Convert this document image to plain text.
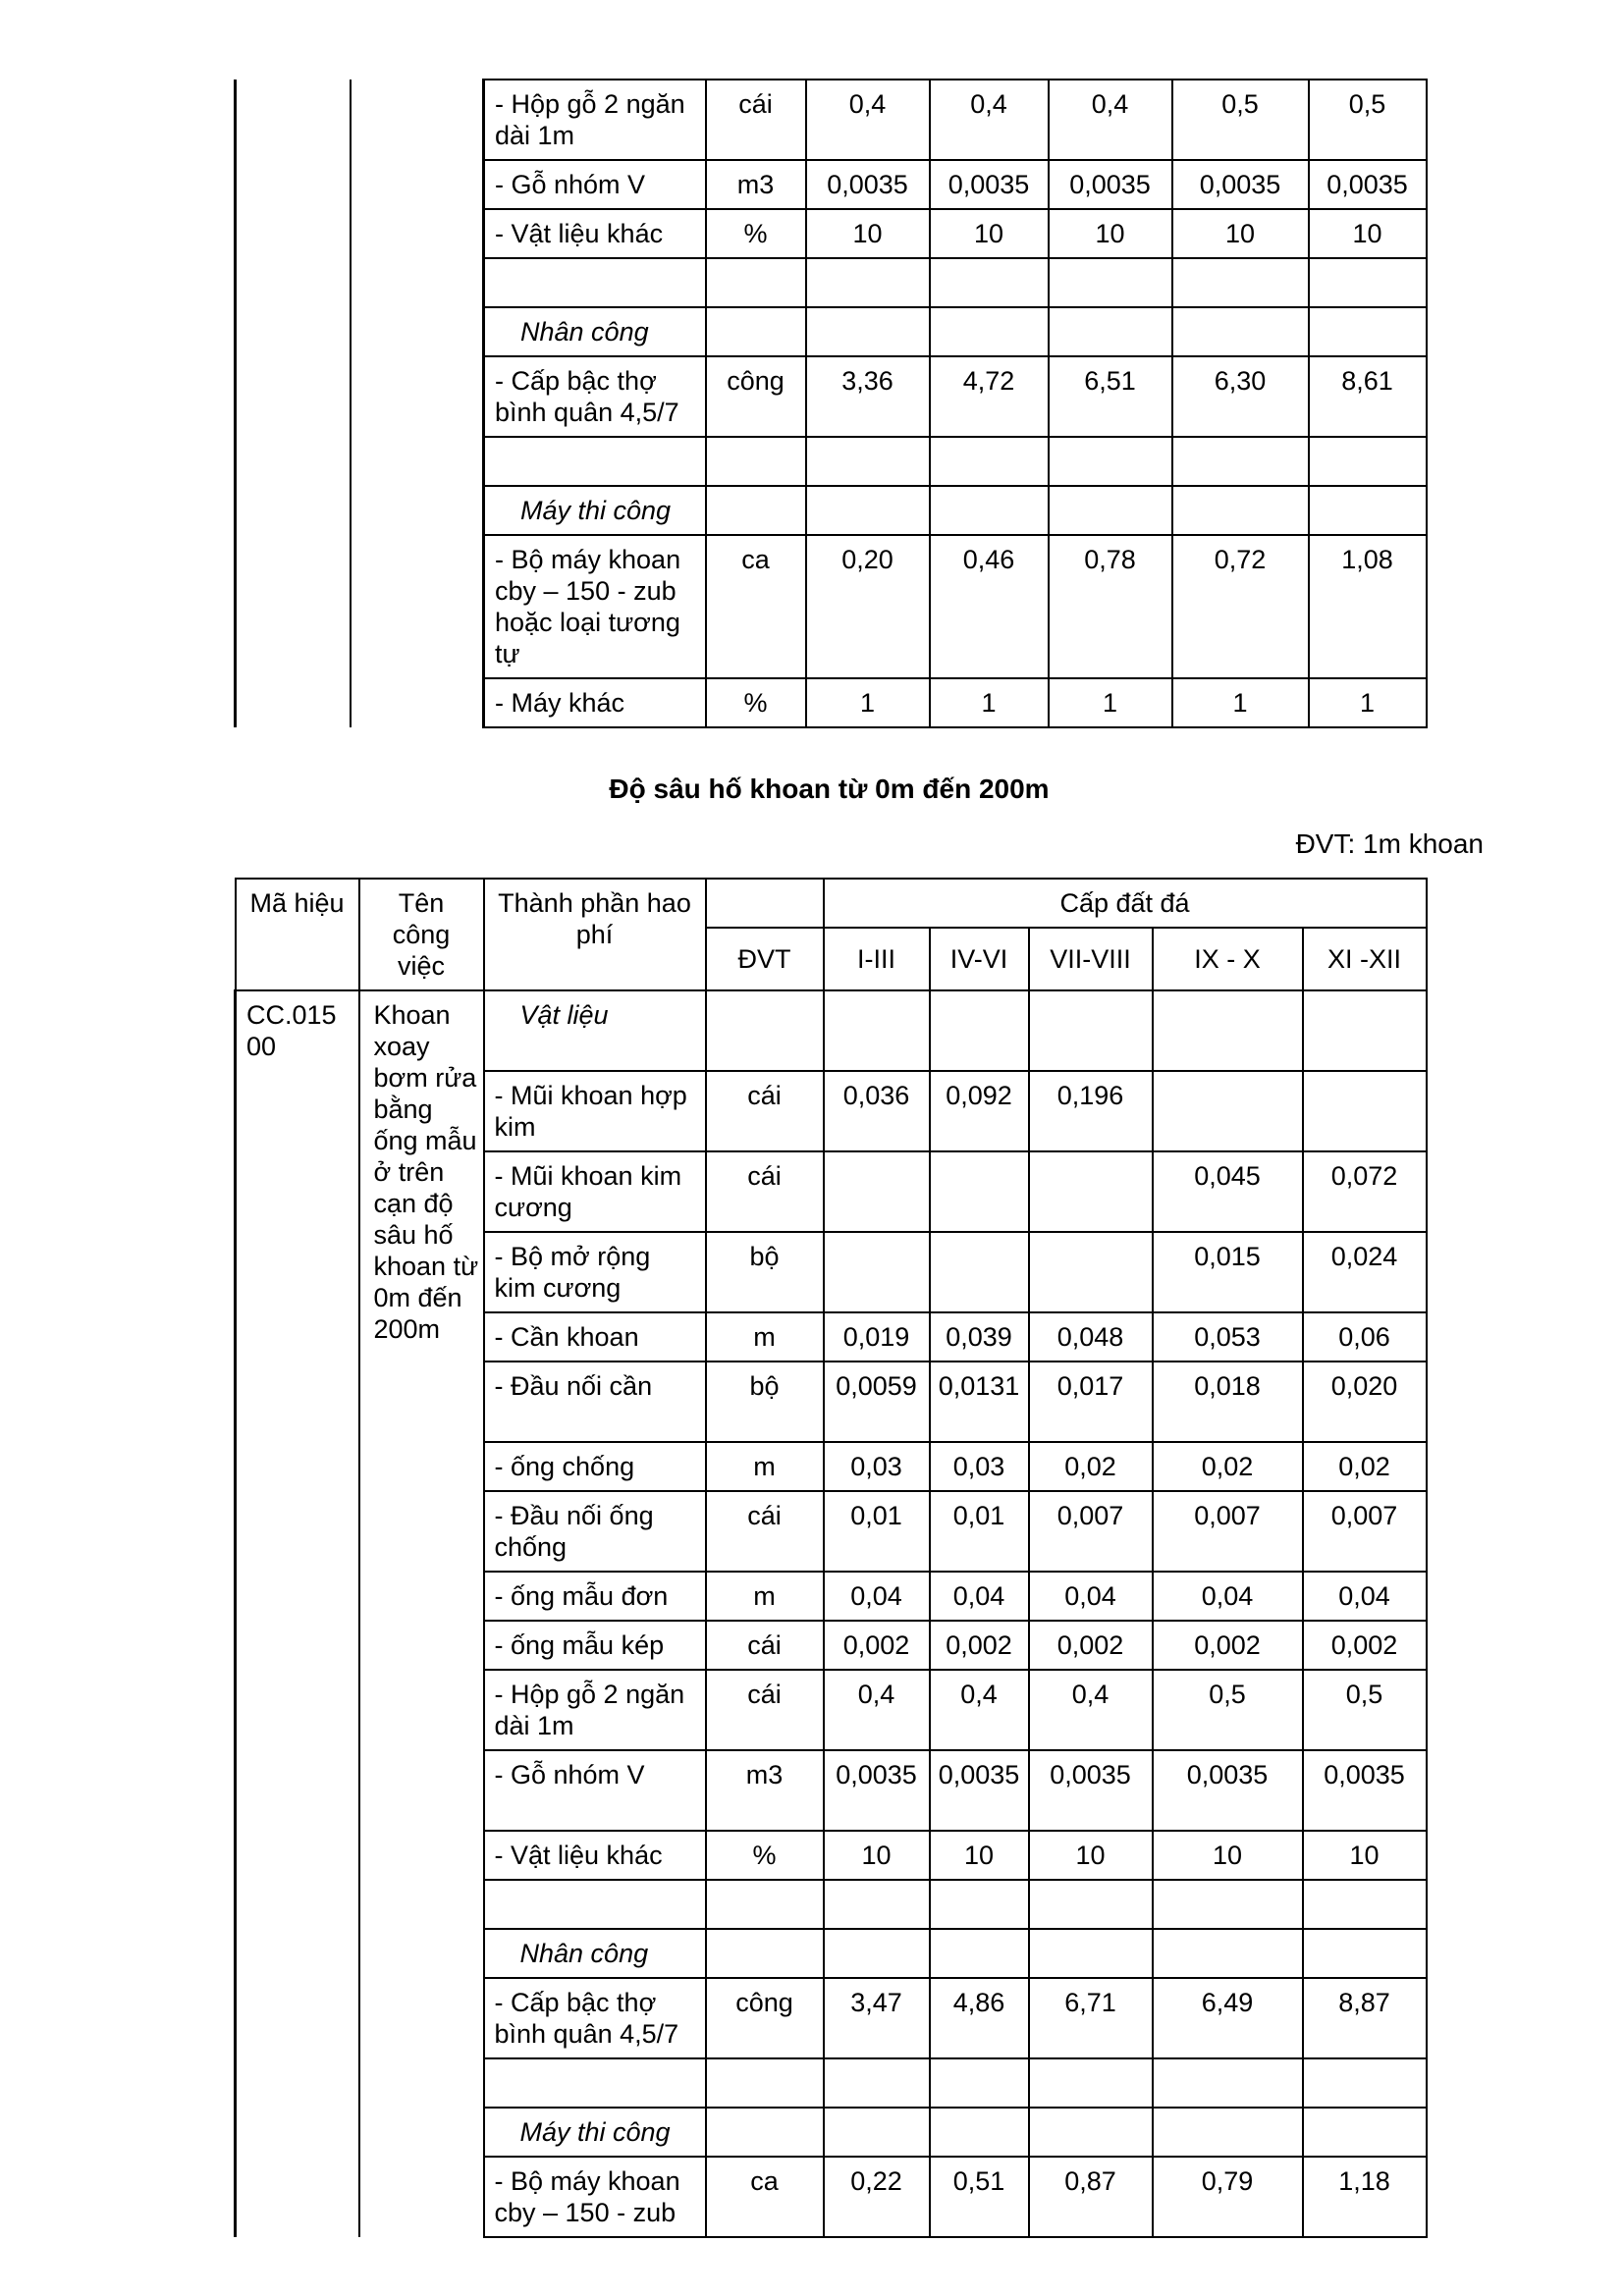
		- Hộp gỗ 2 ngăn dài 1m	cái	0,4	0,4	0,4	0,5	0,5
		- Gỗ nhóm V	m3	0,0035	0,0035	0,0035	0,0035	0,0035
		- Vật liệu khác	%	10	10	10	10	10

		Nhân công						
		- Cấp bậc thợ bình quân 4,5/7	công	3,36	4,72	6,51	6,30	8,61

		Máy thi công						
		- Bộ máy khoan cby – 150 - zub hoặc loại tương tự	ca	0,20	0,46	0,78	0,72	1,08
		- Máy khác	%	1	1	1	1	1
Độ sâu hố khoan từ 0m đến 200m
ĐVT: 1m khoan
Mã hiệu	Tên công việc	Thành phần hao phí		Cấp đất đá				
			ĐVT	I-III	IV-VI	VII-VIII	IX - X	XI -XII
CC.01500	Khoan xoay bơm rửa bằng ống mẫu ở trên cạn độ sâu hố khoan từ 0m đến 200m	Vật liệu						
		- Mũi khoan hợp kim	cái	0,036	0,092	0,196		
		- Mũi khoan kim cương	cái				0,045	0,072
		- Bộ mở rộng kim cương	bộ				0,015	0,024
		- Cần khoan	m	0,019	0,039	0,048	0,053	0,06
		- Đầu nối cần	bộ	0,0059	0,0131	0,017	0,018	0,020
		- ống chống	m	0,03	0,03	0,02	0,02	0,02
		- Đầu nối ống chống	cái	0,01	0,01	0,007	0,007	0,007
		- ống mẫu đơn	m	0,04	0,04	0,04	0,04	0,04
		- ống mẫu kép	cái	0,002	0,002	0,002	0,002	0,002
		- Hộp gỗ 2 ngăn dài 1m	cái	0,4	0,4	0,4	0,5	0,5
		- Gỗ nhóm V	m3	0,0035	0,0035	0,0035	0,0035	0,0035
		- Vật liệu khác	%	10	10	10	10	10

		Nhân công						
		- Cấp bậc thợ bình quân 4,5/7	công	3,47	4,86	6,71	6,49	8,87

		Máy thi công						
		- Bộ máy khoan cby – 150 - zub	ca	0,22	0,51	0,87	0,79	1,18
